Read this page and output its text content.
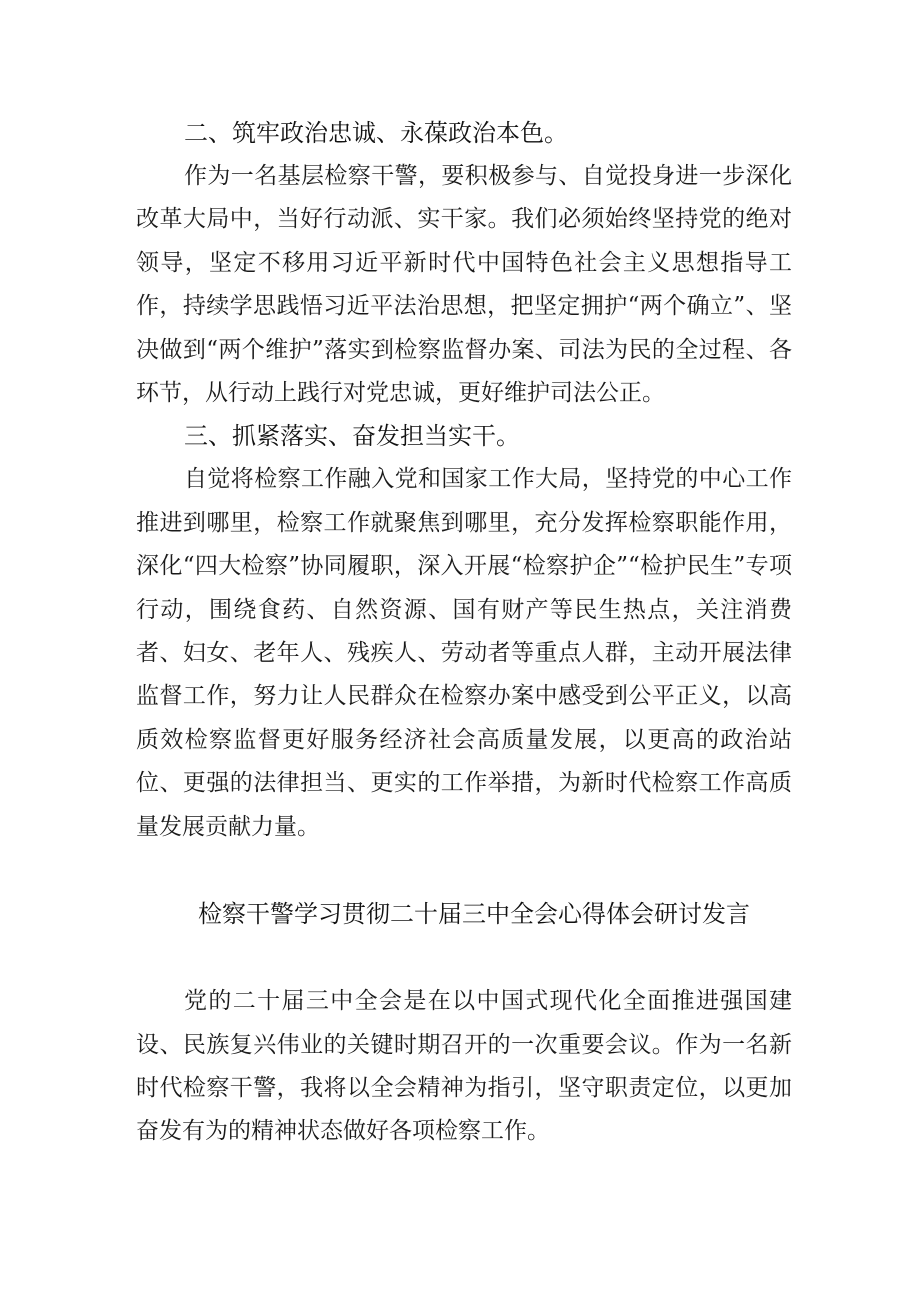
二、筑牢政治忠诚、永葆政治本色。

作为一名基层检察干警，要积极参与、自觉投身进一步深化改革大局中，当好行动派、实干家。我们必须始终坚持党的绝对领导，坚定不移用习近平新时代中国特色社会主义思想指导工作，持续学思践悟习近平法治思想，把坚定拥护“两个确立”、坚决做到“两个维护”落实到检察监督办案、司法为民的全过程、各环节，从行动上践行对党忠诚，更好维护司法公正。

三、抓紧落实、奋发担当实干。

自觉将检察工作融入党和国家工作大局，坚持党的中心工作推进到哪里，检察工作就聚焦到哪里，充分发挥检察职能作用，深化“四大检察”协同履职，深入开展“检察护企”“检护民生”专项行动，围绕食药、自然资源、国有财产等民生热点，关注消费者、妇女、老年人、残疾人、劳动者等重点人群，主动开展法律监督工作，努力让人民群众在检察办案中感受到公平正义，以高质效检察监督更好服务经济社会高质量发展，以更高的政治站位、更强的法律担当、更实的工作举措，为新时代检察工作高质量发展贡献力量。

检察干警学习贯彻二十届三中全会心得体会研讨发言

党的二十届三中全会是在以中国式现代化全面推进强国建设、民族复兴伟业的关键时期召开的一次重要会议。作为一名新时代检察干警，我将以全会精神为指引，坚守职责定位，以更加奋发有为的精神状态做好各项检察工作。
